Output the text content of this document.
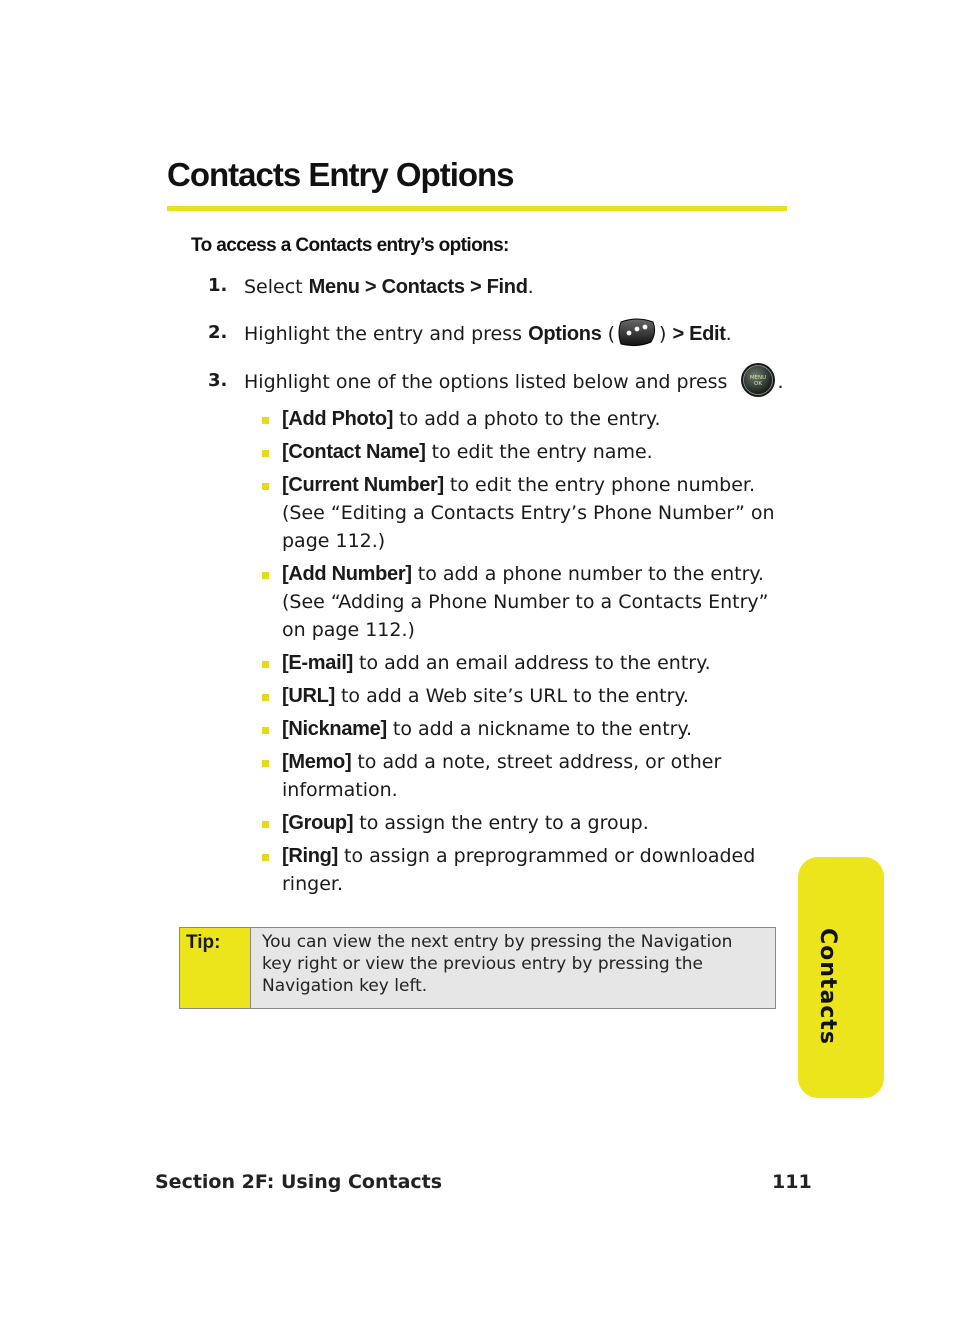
Contacts Entry Options
To access a Contacts entry’s options:
1. Select Menu > Contacts > Find.
2. Highlight the entry and press Options ( ) > Edit.
3. Highlight one of the options listed below and press	MENU
OK .
[Add Photo] to add a photo to the entry.
[Contact Name] to edit the entry name.
[Current Number] to edit the entry phone number. (See “Editing a Contacts Entry’s Phone Number” on page 112.)
[Add Number] to add a phone number to the entry. (See “Adding a Phone Number to a Contacts Entry” on page 112.)
[E-mail] to add an email address to the entry.
[URL] to add a Web site’s URL to the entry.
[Nickname] to add a nickname to the entry.
[Memo] to add a note, street address, or other information.
[Group] to assign the entry to a group.
[Ring] to assign a preprogrammed or downloaded ringer.
Tip:	You can view the next entry by pressing the Navigation key right or view the previous entry by pressing the Navigation key left.	Contacts
Section 2F: Using Contacts	111
